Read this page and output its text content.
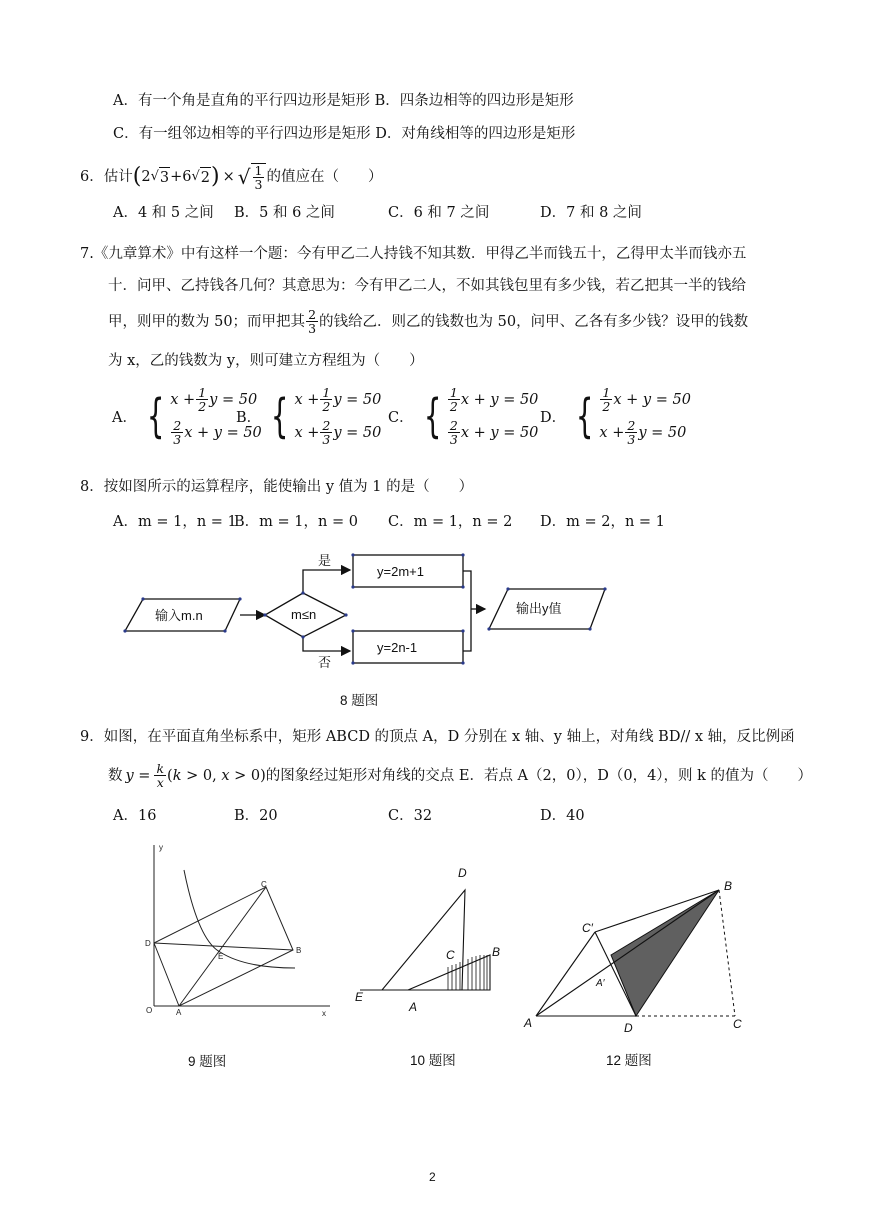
A．有一个角是直角的平行四边形是矩形 B．四条边相等的四边形是矩形
C．有一组邻边相等的平行四边形是矩形 D．对角线相等的四边形是矩形
6．估计 ( 2 √ 3 +6 √ 2 ) × √ $\frac{1}{3}$ 的值应在（　　）
A．4 和 5 之间 B．5 和 6 之间	C．6 和 7 之间	D．7 和 8 之间
7.《九章算术》中有这样一个题：今有甲乙二人持钱不知其数．甲得乙半而钱五十，乙得甲太半而钱亦五
十．问甲、乙持钱各几何？其意思为：今有甲乙二人，不如其钱包里有多少钱，若乙把其一半的钱给
甲，则甲的数为 50；而甲把其 $\frac{2}{3}$ 的钱给乙．则乙的钱数也为 50，问甲、乙各有多少钱？设甲的钱数
为 x，乙的钱数为 y，则可建立方程组为（　　）
A． { $x + \frac{1}{2}$ y = 50
$\frac{2}{3}$ x + y = 50
B． { $x + \frac{1}{2}$ y = 50
$x + \frac{2}{3}$ y = 50
C． { $\frac{1}{2}$ x + y = 50
$\frac{2}{3}$ x + y = 50
D． { $\frac{1}{2}$ x + y = 50
$x + \frac{2}{3}$ y = 50
8．按如图所示的运算程序，能使输出 y 值为 1 的是（　　）
A．m = 1，n = 1
B．m = 1，n = 0 C．m = 1，n = 2 D．m = 2，n = 1
输入m.n	m≤n
是
否
y=2m+1
y=2n-1
输出y值
8 题图
9．如图，在平面直角坐标系中，矩形 ABCD 的顶点 A，D 分别在 x 轴、y 轴上，对角线 BD// x 轴，反比例函
数 $y = \frac{k}{x} (k > 0$, x > 0) 的图象经过矩形对角线的交点 E．若点 A（2，0），D（0，4），则 k 的值为（　　）
A．16	B．20	C．32	D．40
y
x
O	A
B
C
D
E
9 题图
D
C	B
E
A
10 题图
B
C′
A′
A	D	C
12 题图
2
